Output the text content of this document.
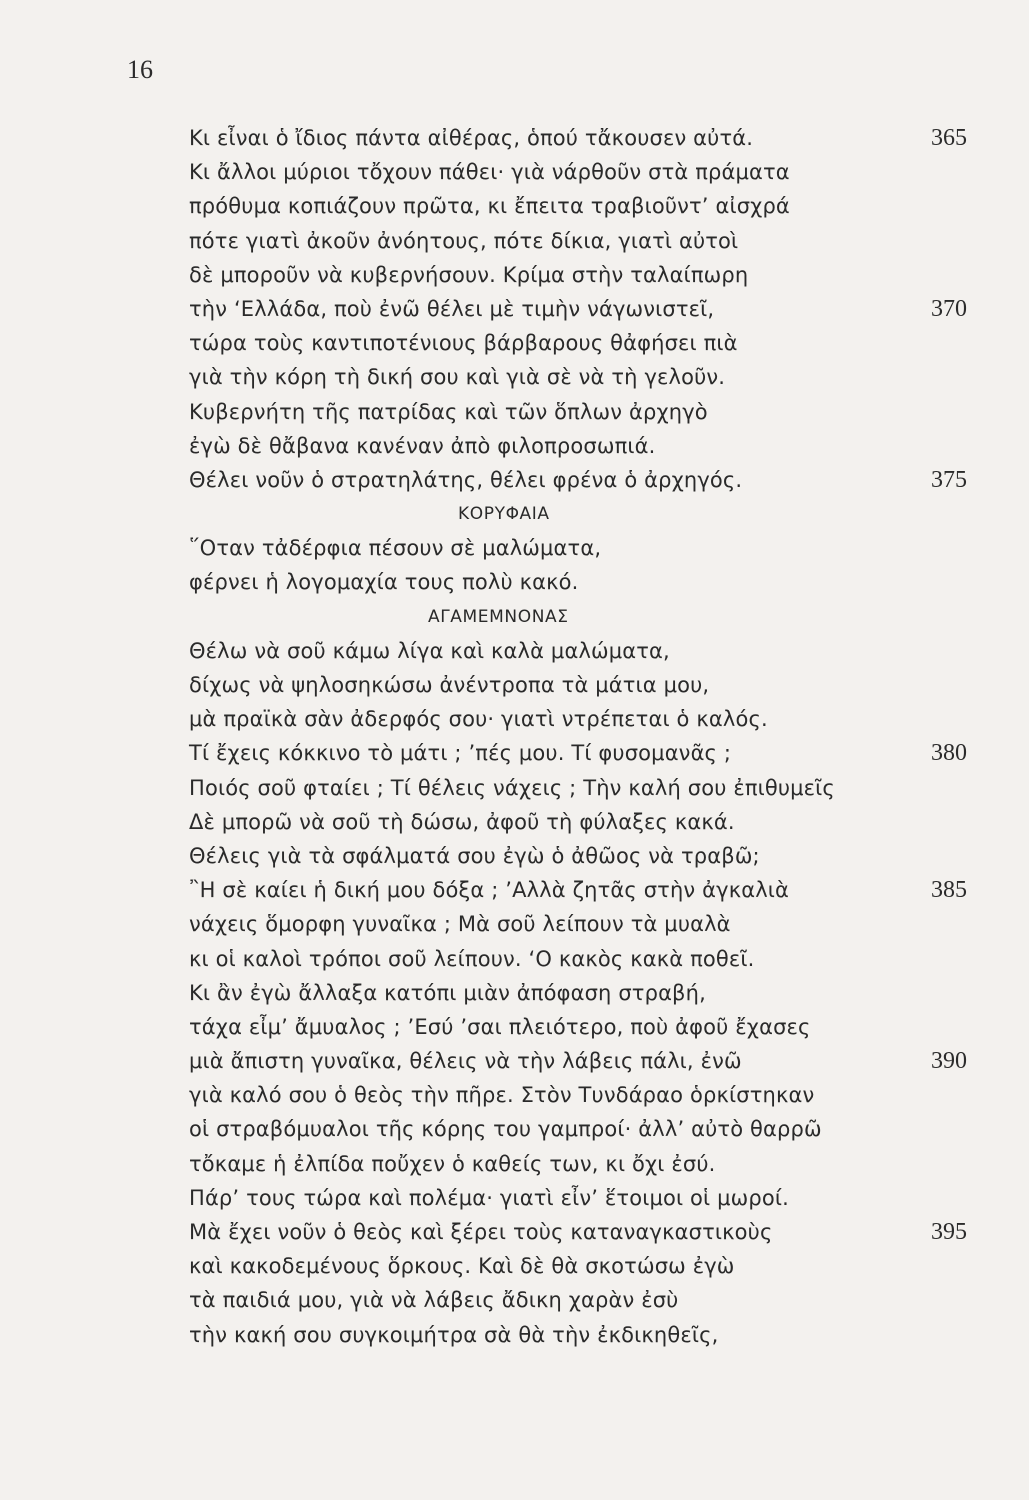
16
Κι εἶναι ὁ ἴδιος πάντα αἰθέρας, ὁπού τἄκουσεν αὐτά.	365
Κι ἄλλοι μύριοι τὄχουν πάθει· γιὰ νάρθοῦν στὰ πράματα
πρόθυμα κοπιάζουν πρῶτα, κι ἔπειτα τραβιοῦντ’ αἰσχρά
πότε γιατὶ ἀκοῦν ἀνόητους, πότε δίκια, γιατὶ αὐτοὶ
δὲ μποροῦν νὰ κυβερνήσουν. Κρίμα στὴν ταλαίπωρη
τὴν ‘Ελλάδα, ποὺ ἐνῶ θέλει μὲ τιμὴν νάγωνιστεῖ,	370
τώρα τοὺς καντιποτένιους βάρβαρους θἀφήσει πιὰ
γιὰ τὴν κόρη τὴ δική σου καὶ γιὰ σὲ νὰ τὴ γελοῦν.
Κυβερνήτη τῆς πατρίδας καὶ τῶν ὅπλων ἀρχηγὸ
ἐγὼ δὲ θἄβανα κανέναν ἀπὸ φιλοπροσωπιά.
Θέλει νοῦν ὁ στρατηλάτης, θέλει φρένα ὁ ἀρχηγός.	375
ΚΟΡΥΦΑΙΑ
῞Οταν τἀδέρφια πέσουν σὲ μαλώματα,
φέρνει ἡ λογομαχία τους πολὺ κακό.
ΑΓΑΜΕΜΝΟΝΑΣ
Θέλω νὰ σοῦ κάμω λίγα καὶ καλὰ μαλώματα,
δίχως νὰ ψηλοσηκώσω ἀνέντροπα τὰ μάτια μου,
μὰ πραϊκὰ σὰν ἀδερφός σου· γιατὶ ντρέπεται ὁ καλός.
Τί ἔχεις κόκκινο τὸ μάτι ; ’πές μου. Τί φυσομανᾶς ;	380
Ποιός σοῦ φταίει ; Τί θέλεις νάχεις ; Τὴν καλή σου ἐπιθυμεῖς
Δὲ μπορῶ νὰ σοῦ τὴ δώσω, ἀφοῦ τὴ φύλαξες κακά.
Θέλεις γιὰ τὰ σφάλματά σου ἐγὼ ὁ ἀθῶος νὰ τραβῶ;
῍Η σὲ καίει ἡ δική μου δόξα ; ’Αλλὰ ζητᾶς στὴν ἀγκαλιὰ	385
νάχεις ὅμορφη γυναῖκα ; Μὰ σοῦ λείπουν τὰ μυαλὰ
κι οἱ καλοὶ τρόποι σοῦ λείπουν. ‘Ο κακὸς κακὰ ποθεῖ.
Κι ἂν ἐγὼ ἄλλαξα κατόπι μιὰν ἀπόφαση στραβή,
τάχα εἶμ’ ἄμυαλος ; ’Εσύ ’σαι πλειότερο, ποὺ ἀφοῦ ἔχασες
μιὰ ἄπιστη γυναῖκα, θέλεις νὰ τὴν λάβεις πάλι, ἐνῶ	390
γιὰ καλό σου ὁ θεὸς τὴν πῆρε. Στὸν Τυνδάραο ὁρκίστηκαν
οἱ στραβόμυαλοι τῆς κόρης του γαμπροί· ἀλλ’ αὐτὸ θαρρῶ
τὄκαμε ἡ ἐλπίδα ποὔχεν ὁ καθείς των, κι ὄχι ἐσύ.
Πάρ’ τους τώρα καὶ πολέμα· γιατὶ εἶν’ ἕτοιμοι οἱ μωροί.
Μὰ ἔχει νοῦν ὁ θεὸς καὶ ξέρει τοὺς καταναγκαστικοὺς	395
καὶ κακοδεμένους ὅρκους. Καὶ δὲ θὰ σκοτώσω ἐγὼ
τὰ παιδιά μου, γιὰ νὰ λάβεις ἄδικη χαρὰν ἐσὺ
τὴν κακή σου συγκοιμήτρα σὰ θὰ τὴν ἐκδικηθεῖς,
